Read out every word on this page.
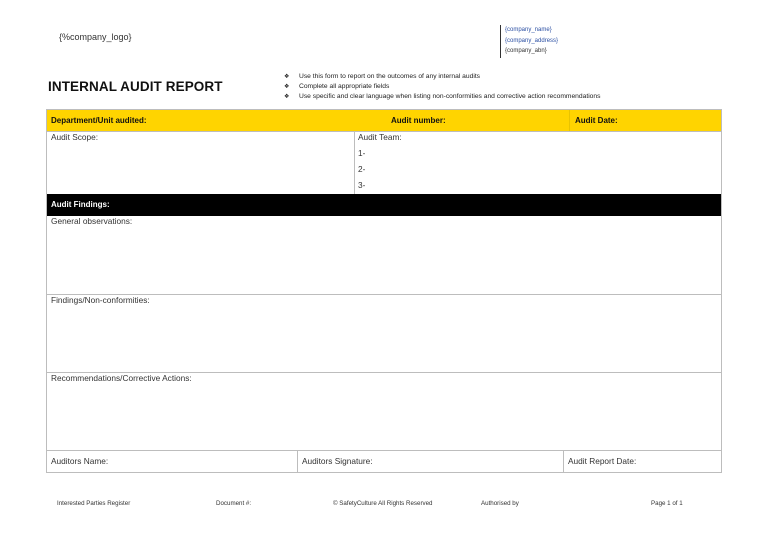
{%company_logo}
{company_name}
{company_address}
{company_abn}
INTERNAL AUDIT REPORT
❖ Use this form to report on the outcomes of any internal audits
❖ Complete all appropriate fields
❖ Use specific and clear language when listing non-conformities and corrective action recommendations
Department/Unit audited:	Audit number:	Audit Date:
Audit Scope:	Audit Team:
1-
2-
3-
Audit Findings:
General observations:
Findings/Non-conformities:
Recommendations/Corrective Actions:
Auditors Name:	Auditors Signature:	Audit Report Date:
Interested Parties Register	Document #:	© SafetyCulture All Rights Reserved	Authorised by	Page 1 of 1
